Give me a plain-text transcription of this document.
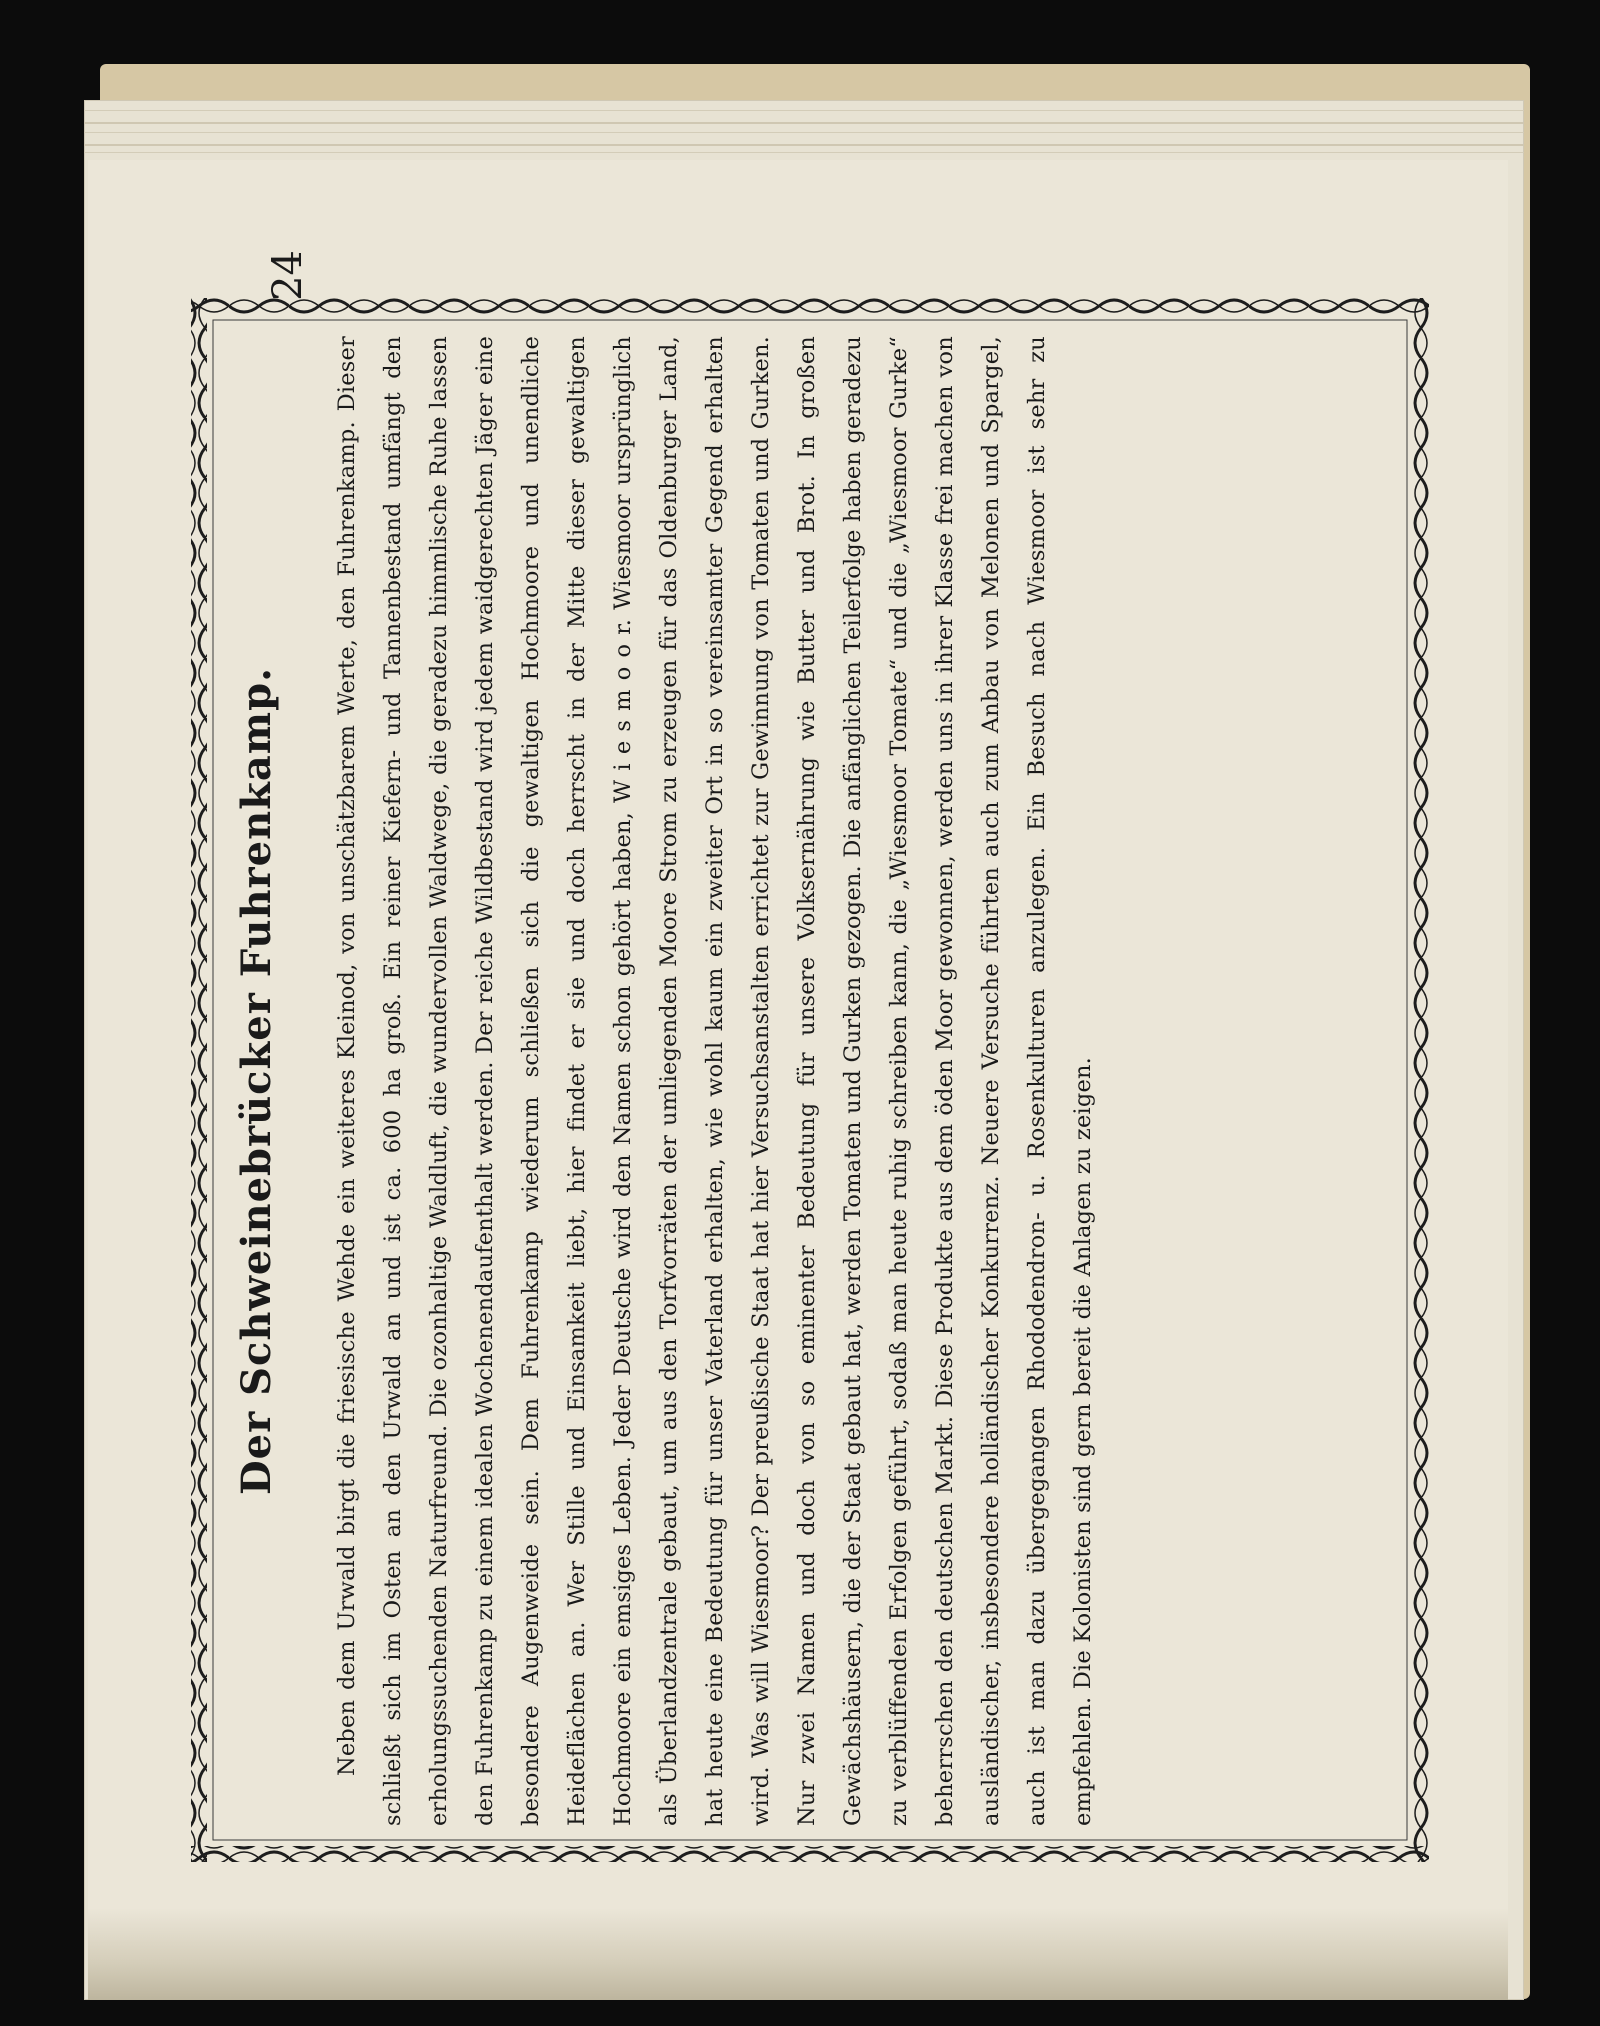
24
Der Schweinebrücker Fuhrenkamp.	Neben dem Urwald birgt die friesische Wehde ein weiteres Kleinod, von unschätzbarem Werte, den Fuhrenkamp. Dieser schließt sich im Osten an den Urwald an und ist ca. 600 ha groß. Ein reiner Kiefern- und Tannenbestand umfängt den erholungssuchenden Naturfreund. Die ozonhaltige Waldluft, die wundervollen Waldwege, die geradezu himmlische Ruhe lassen den Fuhrenkamp zu einem idealen Wochenendaufenthalt werden. Der reiche Wildbestand wird jedem waidgerechten Jäger eine besondere Augenweide sein. Dem Fuhrenkamp wiederum schließen sich die gewaltigen Hochmoore und unendliche Heideflächen an. Wer Stille und Einsamkeit liebt, hier findet er sie und doch herrscht in der Mitte dieser gewaltigen Hochmoore ein emsiges Leben. Jeder Deutsche wird den Namen schon gehört haben, W i e s m o o r. Wiesmoor ursprünglich als Überlandzentrale gebaut, um aus den Torfvorräten der umliegenden Moore Strom zu erzeugen für das Oldenburger Land, hat heute eine Bedeutung für unser Vaterland erhalten, wie wohl kaum ein zweiter Ort in so vereinsamter Gegend erhalten wird. Was will Wiesmoor? Der preußische Staat hat hier Versuchsanstalten errichtet zur Gewinnung von Tomaten und Gurken. Nur zwei Namen und doch von so eminenter Bedeutung für unsere Volksernährung wie Butter und Brot. In großen Gewächshäusern, die der Staat gebaut hat, werden Tomaten und Gurken gezogen. Die anfänglichen Teilerfolge haben geradezu zu verblüffenden Erfolgen geführt, sodaß man heute ruhig schreiben kann, die „Wiesmoor Tomate“ und die „Wiesmoor Gurke“ beherrschen den deutschen Markt. Diese Produkte aus dem öden Moor gewonnen, werden uns in ihrer Klasse frei machen von ausländischer, insbesondere holländischer Konkurrenz. Neuere Versuche führten auch zum Anbau von Melonen und Spargel, auch ist man dazu übergegangen Rhododendron- u. Rosenkulturen anzulegen. Ein Besuch nach Wiesmoor ist sehr zu empfehlen. Die Kolonisten sind gern bereit die Anlagen zu zeigen.
